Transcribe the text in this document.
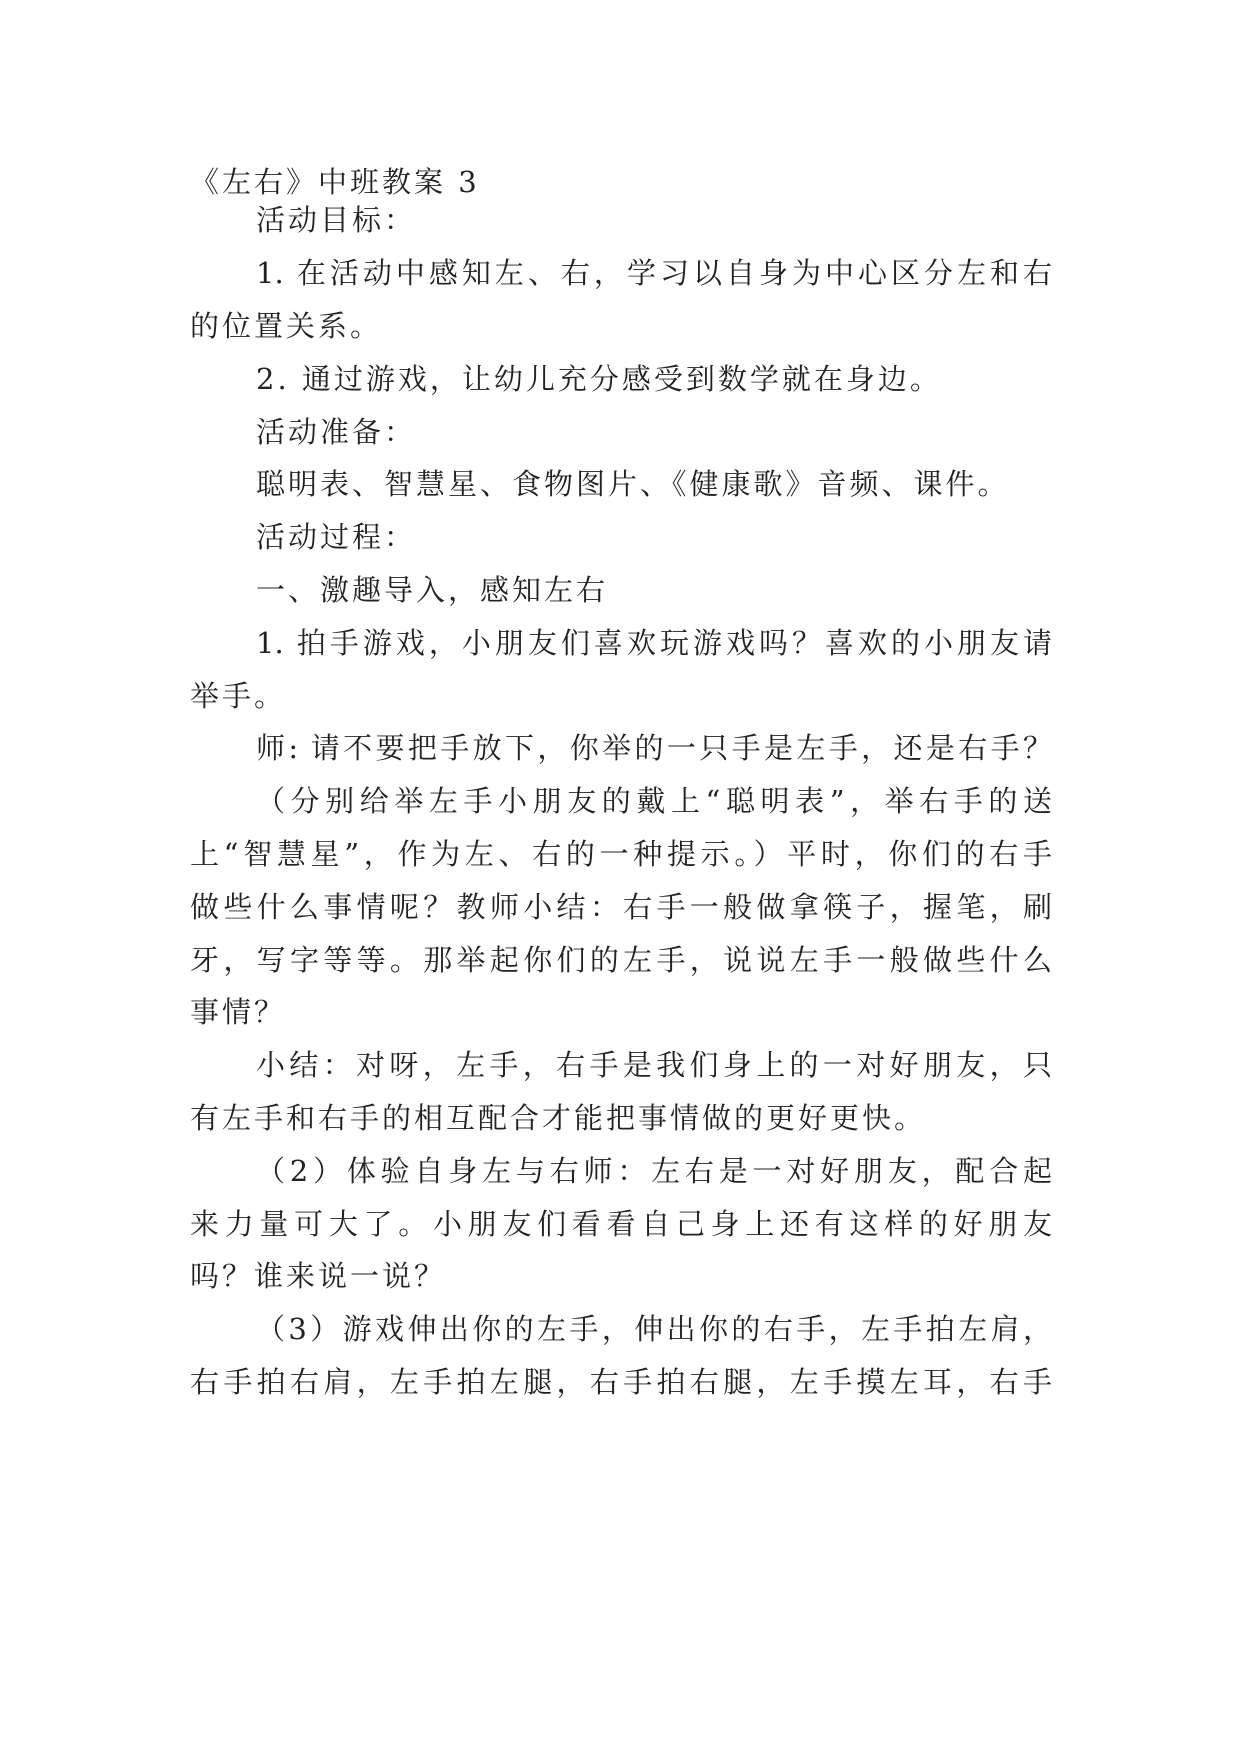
《左右》中班教案 3
活动目标：
1. 在活动中感知左、右，学习以自身为中心区分左和右
的位置关系。
2. 通过游戏，让幼儿充分感受到数学就在身边。
活动准备：
聪明表、智慧星、食物图片、《健康歌》音频、课件。
活动过程：
一、激趣导入，感知左右
1. 拍手游戏，小朋友们喜欢玩游戏吗？喜欢的小朋友请
举手。
师: 请不要把手放下，你举的一只手是左手，还是右手？
（分别给举左手小朋友的戴上“聪明表”，举右手的送
上“智慧星”，作为左、右的一种提示。）平时，你们的右手
做些什么事情呢？教师小结：右手一般做拿筷子，握笔，刷
牙，写字等等。那举起你们的左手，说说左手一般做些什么
事情？
小结：对呀，左手，右手是我们身上的一对好朋友，只
有左手和右手的相互配合才能把事情做的更好更快。
（2）体验自身左与右师：左右是一对好朋友，配合起
来力量可大了。小朋友们看看自己身上还有这样的好朋友
吗？谁来说一说？
（3）游戏伸出你的左手，伸出你的右手，左手拍左肩，
右手拍右肩，左手拍左腿，右手拍右腿，左手摸左耳，右手
